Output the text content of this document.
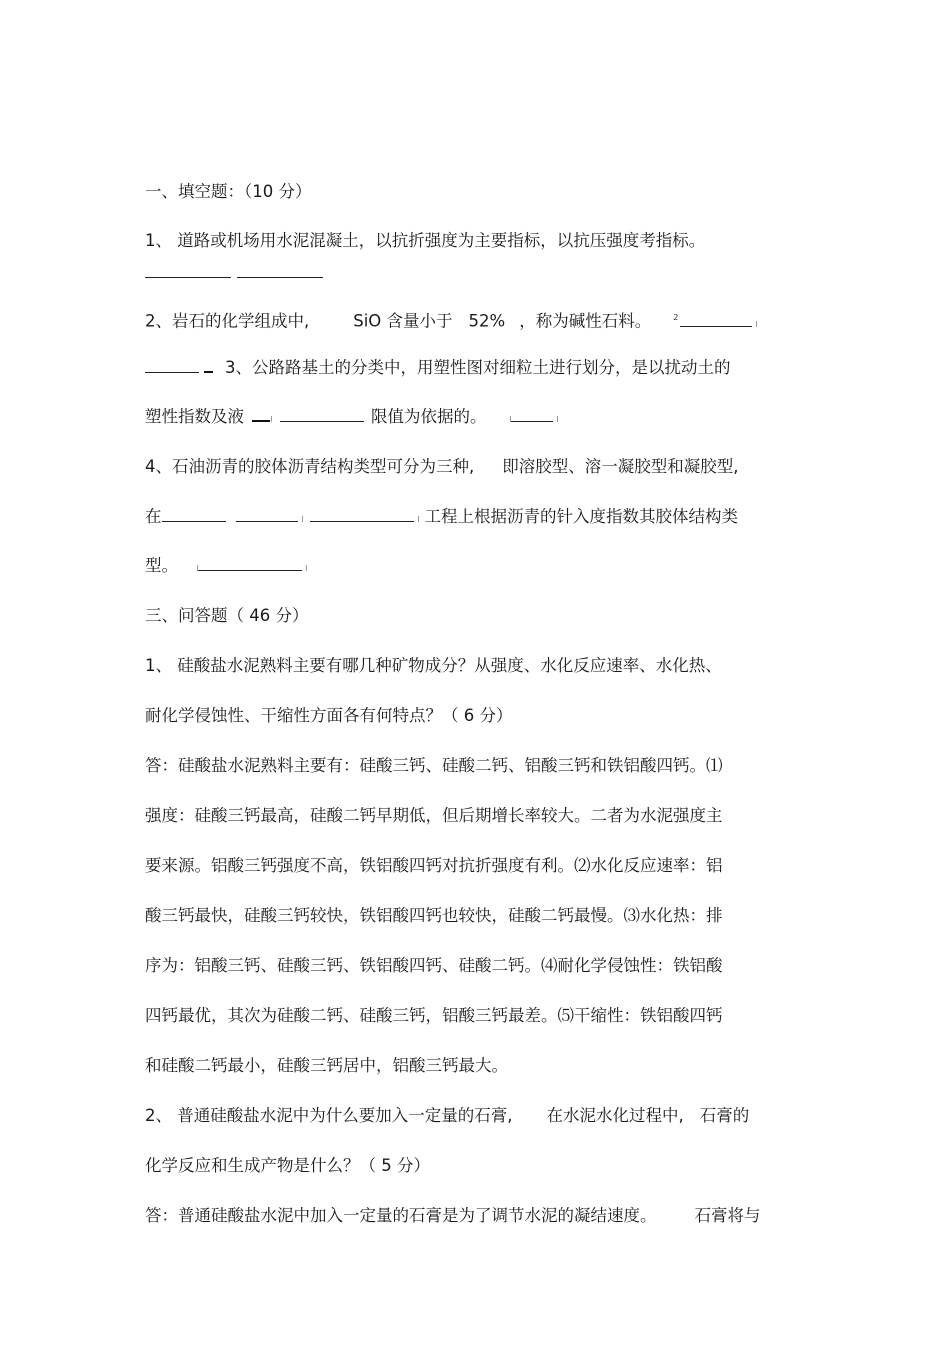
一、填空题：（10 分）
1、 道路或机场用水泥混凝土，以抗折强度为主要指标，以抗压强度考指标。
2、岩石的化学组成中,	SiO 含量小于 52% ，称为碱性石料。	$^2$
3、公路路基土的分类中，用塑性图对细粒土进行划分，是以扰动土的
塑性指数及液	限值为依据的。
4、石油沥青的胶体沥青结构类型可分为三种, 即溶胶型、溶一凝胶型和凝胶型,
在	工程上根据沥青的针入度指数其胶体结构类
型。
三、问答题（ 46 分）
1、 硅酸盐水泥熟料主要有哪几种矿物成分？从强度、水化反应速率、水化热、
耐化学侵蚀性、干缩性方面各有何特点？（ 6 分）
答：硅酸盐水泥熟料主要有：硅酸三钙、硅酸二钙、铝酸三钙和铁铝酸四钙。⑴
强度：硅酸三钙最高，硅酸二钙早期低，但后期增长率较大。二者为水泥强度主
要来源。铝酸三钙强度不高，铁铝酸四钙对抗折强度有利。⑵水化反应速率：铝
酸三钙最快，硅酸三钙较快，铁铝酸四钙也较快，硅酸二钙最慢。⑶水化热：排
序为：铝酸三钙、硅酸三钙、铁铝酸四钙、硅酸二钙。⑷耐化学侵蚀性：铁铝酸
四钙最优，其次为硅酸二钙、硅酸三钙，铝酸三钙最差。⑸干缩性：铁铝酸四钙
和硅酸二钙最小，硅酸三钙居中，铝酸三钙最大。
2、 普通硅酸盐水泥中为什么要加入一定量的石膏, 在水泥水化过程中, 石膏的
化学反应和生成产物是什么？（ 5 分）
答：普通硅酸盐水泥中加入一定量的石膏是为了调节水泥的凝结速度。 石膏将与
